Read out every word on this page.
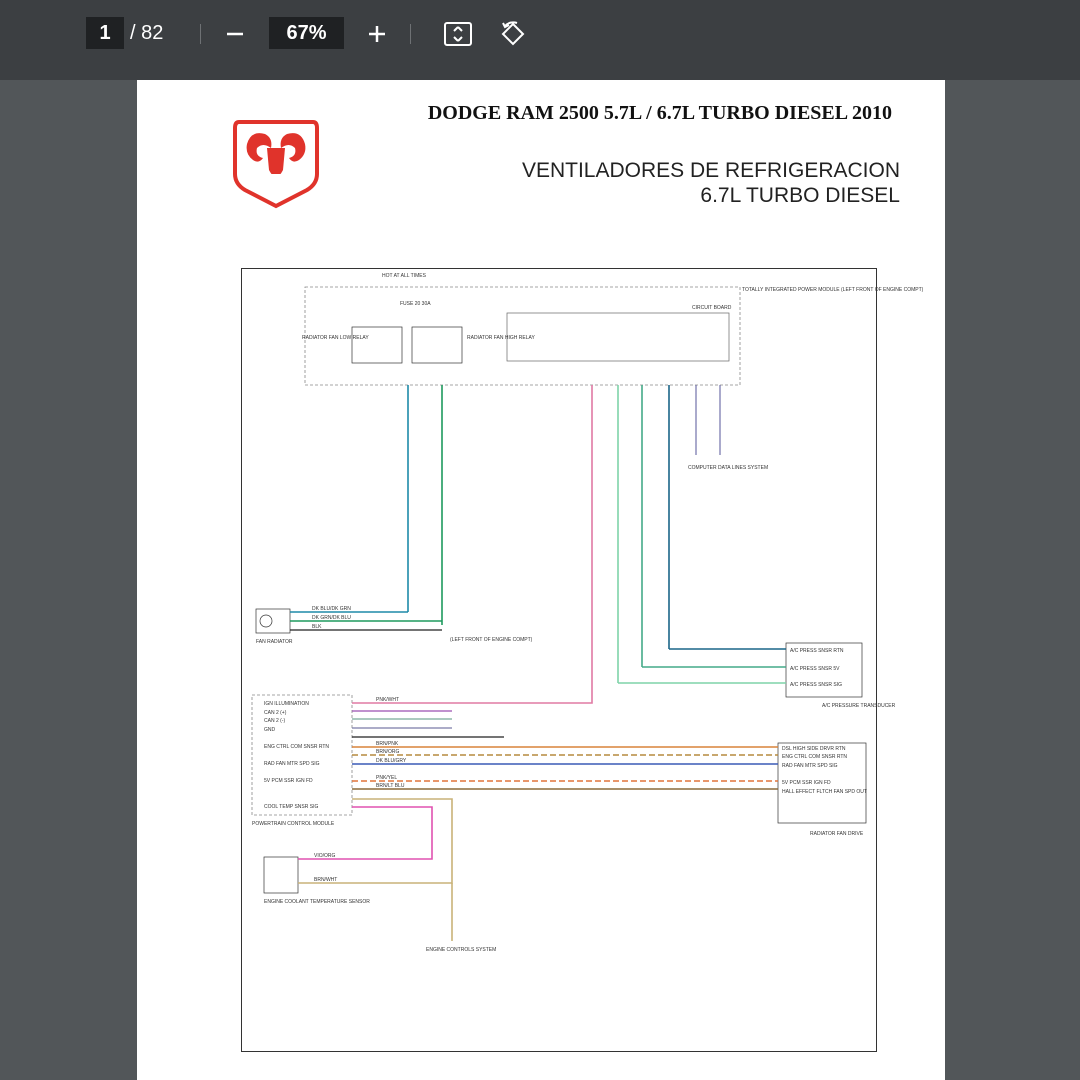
1 / 82	67%
DODGE RAM 2500 5.7L / 6.7L TURBO DIESEL 2010
VENTILADORES DE REFRIGERACION
6.7L TURBO DIESEL
HOT AT ALL TIMES
TOTALLY INTEGRATED POWER MODULE (LEFT FRONT OF ENGINE COMPT)
CIRCUIT BOARD
FUSE 20 30A
RADIATOR FAN LOW RELAY	RADIATOR FAN HIGH RELAY
COMPUTER DATA LINES SYSTEM
FAN RADIATOR
DK BLU/DK GRN
DK GRN/DK BLU
BLK
(LEFT FRONT OF ENGINE COMPT)
A/C PRESS SNSR RTN
A/C PRESS SNSR 5V
A/C PRESS SNSR SIG
A/C PRESSURE TRANSDUCER
POWERTRAIN CONTROL MODULE
IGN ILLUMINATION
CAN 2 (+)
CAN 2 (-)
GND
ENG CTRL COM SNSR RTN
RAD FAN MTR SPD SIG
5V PCM SSR IGN FD
COOL TEMP SNSR SIG
PNK/WHT
RADIATOR FAN DRIVE
BRN/PNK
BRN/ORG
DK BLU/GRY
PNK/YEL
BRN/LT BLU
DSL HIGH SIDE DRVR RTN
ENG CTRL COM SNSR RTN
RAD FAN MTR SPD SIG
5V PCM SSR IGN FD
HALL EFFECT FLTCH FAN SPD OUT
ENGINE COOLANT TEMPERATURE SENSOR
VIO/ORG
BRN/WHT
ENGINE CONTROLS SYSTEM
